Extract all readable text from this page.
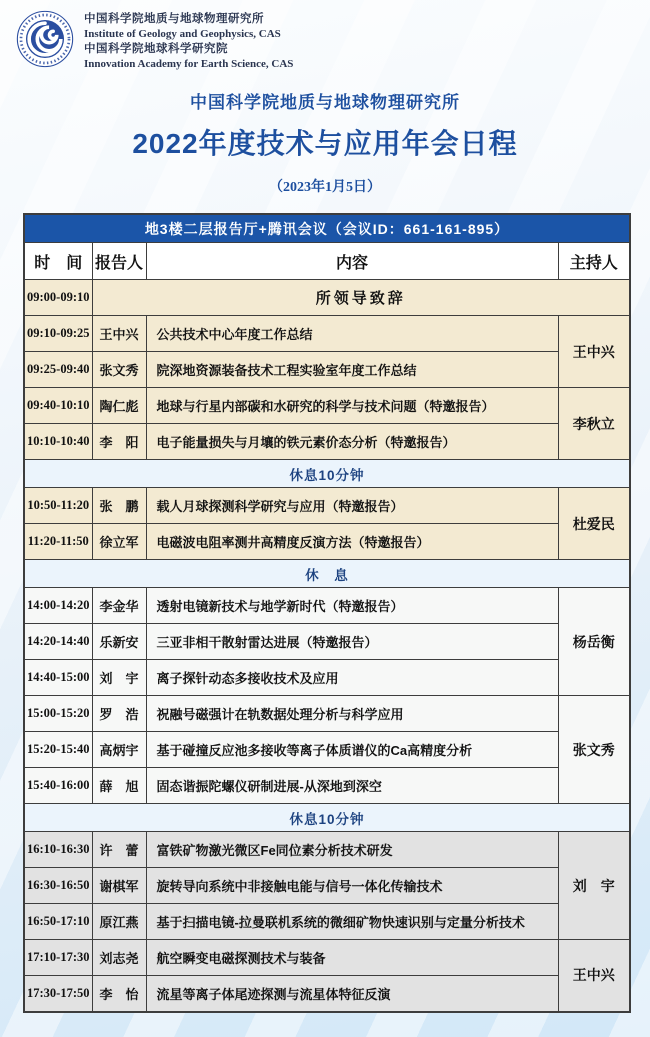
中国科学院地质与地球物理研究所
Institute of Geology and Geophysics, CAS
中国科学院地球科学研究院
Innovation Academy for Earth Science, CAS
中国科学院地质与地球物理研究所
2022年度技术与应用年会日程
（2023年1月5日）
地3楼二层报告厅+腾讯会议（会议ID：661-161-895）			
时　间	报告人	内容	主持人
09:00-09:10	所领导致辞		
09:10-09:25	王中兴	公共技术中心年度工作总结	王中兴
09:25-09:40	张文秀	院深地资源装备技术工程实验室年度工作总结	
09:40-10:10	陶仁彪	地球与行星内部碳和水研究的科学与技术问题（特邀报告）	李秋立
10:10-10:40	李　阳	电子能量损失与月壤的铁元素价态分析（特邀报告）	
休息10分钟			
10:50-11:20	张　鹏	载人月球探测科学研究与应用（特邀报告）	杜爱民
11:20-11:50	徐立军	电磁波电阻率测井高精度反演方法（特邀报告）	
休　息			
14:00-14:20	李金华	透射电镜新技术与地学新时代（特邀报告）	杨岳衡
14:20-14:40	乐新安	三亚非相干散射雷达进展（特邀报告）	
14:40-15:00	刘　宇	离子探针动态多接收技术及应用	
15:00-15:20	罗　浩	祝融号磁强计在轨数据处理分析与科学应用	张文秀
15:20-15:40	高炳宇	基于碰撞反应池多接收等离子体质谱仪的Ca高精度分析	
15:40-16:00	薛　旭	固态谐振陀螺仪研制进展-从深地到深空	
休息10分钟			
16:10-16:30	许　蕾	富铁矿物激光微区Fe同位素分析技术研发	刘　宇
16:30-16:50	谢棋军	旋转导向系统中非接触电能与信号一体化传输技术	
16:50-17:10	原江燕	基于扫描电镜-拉曼联机系统的微细矿物快速识别与定量分析技术	
17:10-17:30	刘志尧	航空瞬变电磁探测技术与装备	王中兴
17:30-17:50	李　怡	流星等离子体尾迹探测与流星体特征反演	
